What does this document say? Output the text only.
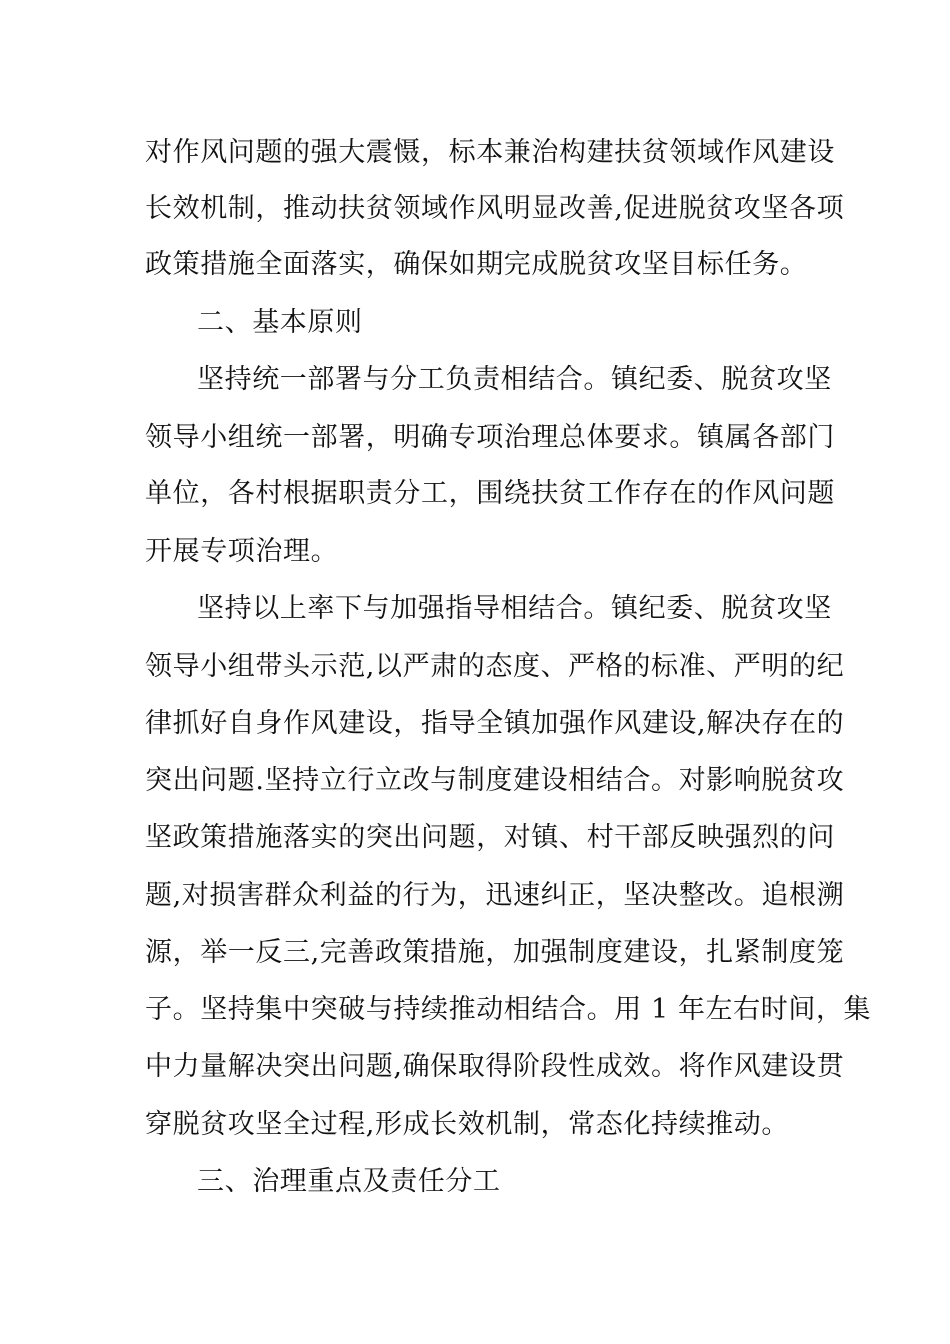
对作风问题的强大震慑，标本兼治构建扶贫领域作风建设
长效机制，推动扶贫领域作风明显改善,促进脱贫攻坚各项
政策措施全面落实，确保如期完成脱贫攻坚目标任务。
二、基本原则
坚持统一部署与分工负责相结合。镇纪委、脱贫攻坚
领导小组统一部署，明确专项治理总体要求。镇属各部门
单位，各村根据职责分工，围绕扶贫工作存在的作风问题
开展专项治理。
坚持以上率下与加强指导相结合。镇纪委、脱贫攻坚
领导小组带头示范,以严肃的态度、严格的标准、严明的纪
律抓好自身作风建设，指导全镇加强作风建设,解决存在的
突出问题.坚持立行立改与制度建设相结合。对影响脱贫攻
坚政策措施落实的突出问题，对镇、村干部反映强烈的问
题,对损害群众利益的行为，迅速纠正，坚决整改。追根溯
源，举一反三,完善政策措施，加强制度建设，扎紧制度笼
子。坚持集中突破与持续推动相结合。用 1 年左右时间，集
中力量解决突出问题,确保取得阶段性成效。将作风建设贯
穿脱贫攻坚全过程,形成长效机制，常态化持续推动。
三、治理重点及责任分工
